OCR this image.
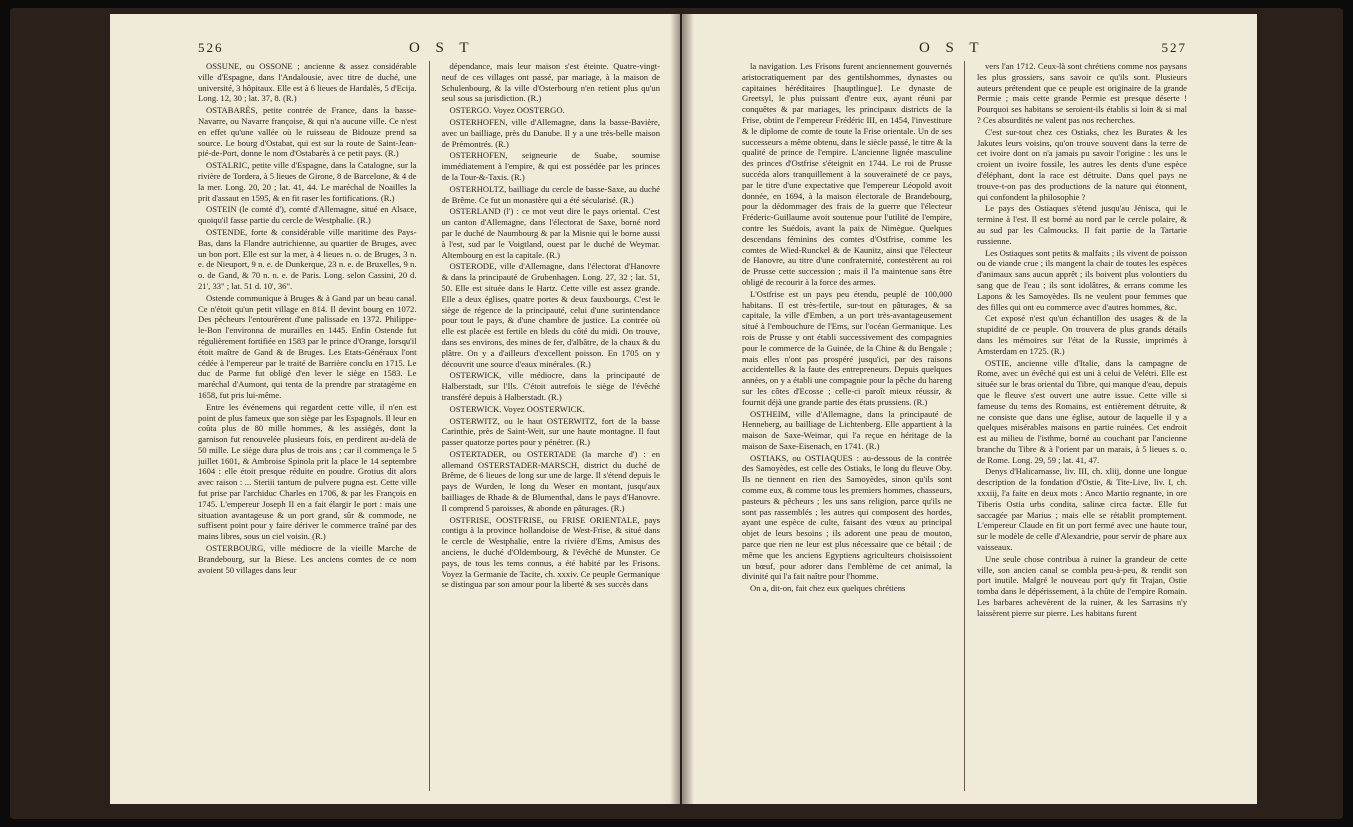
526	O S T

OSSUNE, ou OSSONE ; ancienne & assez considérable ville d'Espagne, dans l'Andalousie, avec titre de duché, une université, 3 hôpitaux. Elle est à 6 lieues de Hardalès, 5 d'Ecija. Long. 12, 30 ; lat. 37, 8. (R.)

OSTABARÈS, petite contrée de France, dans la basse-Navarre, ou Navarre françoise, & qui n'a aucune ville. Ce n'est en effet qu'une vallée où le ruisseau de Bidouze prend sa source. Le bourg d'Ostabat, qui est sur la route de Saint-Jean-pié-de-Port, donne le nom d'Ostabarès à ce petit pays. (R.)

OSTALRIC, petite ville d'Espagne, dans la Catalogne, sur la rivière de Tordera, à 5 lieues de Girone, 8 de Barcelone, & 4 de la mer. Long. 20, 20 ; lat. 41, 44. Le maréchal de Noailles la prit d'assaut en 1595, & en fit raser les fortifications. (R.)

OSTEIN (le comté d'), comté d'Allemagne, situé en Alsace, quoiqu'il fasse partie du cercle de Westphalie. (R.)

OSTENDE, forte & considérable ville maritime des Pays-Bas, dans la Flandre autrichienne, au quartier de Bruges, avec un bon port. Elle est sur la mer, à 4 lieues n. o. de Bruges, 3 n. e. de Nieuport, 9 n. e. de Dunkerque, 23 n. e. de Bruxelles, 9 n. o. de Gand, & 70 n. n. e. de Paris. Long. selon Cassini, 20 d. 21', 33" ; lat. 51 d. 10', 36".

Ostende communique à Bruges & à Gand par un beau canal. Ce n'étoit qu'un petit village en 814. Il devint bourg en 1072. Des pêcheurs l'entourèrent d'une palissade en 1372. Philippe-le-Bon l'environna de murailles en 1445. Enfin Ostende fut régulièrement fortifiée en 1583 par le prince d'Orange, lorsqu'il étoit maître de Gand & de Bruges. Les Etats-Généraux l'ont cédée à l'empereur par le traité de Barrière conclu en 1715. Le duc de Parme fut obligé d'en lever le siège en 1583. Le maréchal d'Aumont, qui tenta de la prendre par stratagème en 1658, fut pris lui-même.

Entre les événemens qui regardent cette ville, il n'en est point de plus fameux que son siège par les Espagnols. Il leur en coûta plus de 80 mille hommes, & les assiégés, dont la garnison fut renouvelée plusieurs fois, en perdirent au-delà de 50 mille. Le siège dura plus de trois ans ; car il commença le 5 juillet 1601, & Ambroise Spinola prit la place le 14 septembre 1604 : elle étoit presque réduite en poudre. Grotius dit alors avec raison : ... Steriii tantum de pulvere pugna est. Cette ville fut prise par l'archiduc Charles en 1706, & par les François en 1745. L'empereur Joseph II en a fait élargir le port : mais une situation avantageuse & un port grand, sûr & commode, ne suffisent point pour y faire dériver le commerce traîné par des mains libres, sous un ciel voisin. (R.)

OSTERBOURG, ville médiocre de la vieille Marche de Brandebourg, sur la Biese. Les anciens comtes de ce nom avoient 50 villages dans leur

dépendance, mais leur maison s'est éteinte. Quatre-vingt-neuf de ces villages ont passé, par mariage, à la maison de Schulenbourg, & la ville d'Osterbourg n'en retient plus qu'un seul sous sa jurisdiction. (R.)

OSTERGO. Voyez OOSTERGO.

OSTERHOFEN, ville d'Allemagne, dans la basse-Bavière, avec un bailliage, près du Danube. Il y a une très-belle maison de Prémontrés. (R.)

OSTERHOFEN, seigneurie de Suabe, soumise immédiatement à l'empire, & qui est possédée par les princes de la Tour-&-Taxis. (R.)

OSTERHOLTZ, bailliage du cercle de basse-Saxe, au duché de Brême. Ce fut un monastère qui a été sécularisé. (R.)

OSTERLAND (l') : ce mot veut dire le pays oriental. C'est un canton d'Allemagne, dans l'électorat de Saxe, borné nord par le duché de Naumbourg & par la Misnie qui le borne aussi à l'est, sud par le Voigtland, ouest par le duché de Weymar. Altembourg en est la capitale. (R.)

OSTERODE, ville d'Allemagne, dans l'électorat d'Hanovre & dans la principauté de Grubenhagen. Long. 27, 32 ; lat. 51, 50. Elle est située dans le Hartz. Cette ville est assez grande. Elle a deux églises, quatre portes & deux fauxbourgs. C'est le siège de régence de la principauté, celui d'une surintendance pour tout le pays, & d'une chambre de justice. La contrée où elle est placée est fertile en bleds du côté du midi. On trouve, dans ses environs, des mines de fer, d'albâtre, de la chaux & du plâtre. On y a d'ailleurs d'excellent poisson. En 1705 on y découvrit une source d'eaux minérales. (R.)

OSTERWICK, ville médiocre, dans la principauté de Halberstadt, sur l'Ils. C'étoit autrefois le siège de l'évêché transféré depuis à Halberstadt. (R.)

OSTERWICK. Voyez OOSTERWICK.

OSTERWITZ, ou le haut OSTERWITZ, fort de la basse Carinthie, près de Saint-Weit, sur une haute montagne. Il faut passer quatorze portes pour y pénétrer. (R.)

OSTERTADER, ou OSTERTADE (la marche d') : en allemand OSTERSTADER-MARSCH, district du duché de Brême, de 6 lieues de long sur une de large. Il s'étend depuis le pays de Wurden, le long du Weser en montant, jusqu'aux bailliages de Rhade & de Blumenthal, dans le pays d'Hanovre. Il comprend 5 paroisses, & abonde en pâturages. (R.)

OSTFRISE, OOSTFRISE, ou FRISE ORIENTALE, pays contigu à la province hollandoise de West-Frise, & situé dans le cercle de Westphalie, entre la rivière d'Ems, Amisus des anciens, le duché d'Oldembourg, & l'évêché de Munster. Ce pays, de tous les tems connus, a été habité par les Frisons. Voyez la Germanie de Tacite, ch. xxxiv. Ce peuple Germanique se distingua par son amour pour la liberté & ses succès dans

O S T	527

la navigation. Les Frisons furent anciennement gouvernés aristocratiquement par des gentilshommes, dynastes ou capitaines héréditaires [hauptlingue]. Le dynaste de Greetsyl, le plus puissant d'entre eux, ayant réuni par conquêtes & par mariages, les principaux districts de la Frise, obtint de l'empereur Frédéric III, en 1454, l'investiture & le diplome de comte de toute la Frise orientale. Un de ses successeurs a même obtenu, dans le siècle passé, le titre & la qualité de prince de l'empire. L'ancienne lignée masculine des princes d'Ostfrise s'éteignit en 1744. Le roi de Prusse succéda alors tranquillement à la souveraineté de ce pays, par le titre d'une expectative que l'empereur Léopold avoit donnée, en 1694, à la maison électorale de Brandebourg, pour la dédommager des frais de la guerre que l'électeur Fréderic-Guillaume avoit soutenue pour l'utilité de l'empire, contre les Suédois, avant la paix de Nimègue. Quelques descendans féminins des comtes d'Ostfrise, comme les comtes de Wied-Runckel & de Kaunitz, ainsi que l'électeur de Hanovre, au titre d'une confraternité, contestèrent au roi de Prusse cette succession ; mais il l'a maintenue sans être obligé de recourir à la force des armes.

L'Ostfrise est un pays peu étendu, peuplé de 100,000 habitans. Il est très-fertile, sur-tout en pâturages, & sa capitale, la ville d'Emben, a un port très-avantageusement situé à l'embouchure de l'Ems, sur l'océan Germanique. Les rois de Prusse y ont établi successivement des compagnies pour le commerce de la Guinée, de la Chine & du Bengale ; mais elles n'ont pas prospéré jusqu'ici, par des raisons accidentelles & la faute des entrepreneurs. Depuis quelques années, on y a établi une compagnie pour la pêche du hareng sur les côtes d'Ecosse ; celle-ci paroît mieux réussir, & fournit déjà une grande partie des états prussiens. (R.)

OSTHEIM, ville d'Allemagne, dans la principauté de Henneberg, au bailliage de Lichtenberg. Elle appartient à la maison de Saxe-Weimar, qui l'a reçue en héritage de la maison de Saxe-Eisenach, en 1741. (R.)

OSTIAKS, ou OSTIAQUES : au-dessous de la contrée des Samoyèdes, est celle des Ostiaks, le long du fleuve Oby. Ils ne tiennent en rien des Samoyèdes, sinon qu'ils sont comme eux, & comme tous les premiers hommes, chasseurs, pasteurs & pêcheurs ; les uns sans religion, parce qu'ils ne sont pas rassemblés ; les autres qui composent des hordes, ayant une espèce de culte, faisant des vœux au principal objet de leurs besoins ; ils adorent une peau de mouton, parce que rien ne leur est plus nécessaire que ce bétail ; de même que les anciens Egyptiens agriculteurs choisissoient un bœuf, pour adorer dans l'emblème de cet animal, la divinité qui l'a fait naître pour l'homme.

On a, dit-on, fait chez eux quelques chrétiens

vers l'an 1712. Ceux-là sont chrétiens comme nos paysans les plus grossiers, sans savoir ce qu'ils sont. Plusieurs auteurs prétendent que ce peuple est originaire de la grande Permie ; mais cette grande Permie est presque déserte ! Pourquoi ses habitans se seroient-ils établis si loin & si mal ? Ces absurdités ne valent pas nos recherches.

C'est sur-tout chez ces Ostiaks, chez les Burates & les Jakutes leurs voisins, qu'on trouve souvent dans la terre de cet ivoire dont on n'a jamais pu savoir l'origine : les uns le croient un ivoire fossile, les autres les dents d'une espèce d'éléphant, dont la race est détruite. Dans quel pays ne trouve-t-on pas des productions de la nature qui étonnent, qui confondent la philosophie ?

Le pays des Ostiaques s'étend jusqu'au Jénisca, qui le termine à l'est. Il est borné au nord par le cercle polaire, & au sud par les Calmoucks. Il fait partie de la Tartarie russienne.

Les Ostiaques sont petits & malfaits ; ils vivent de poisson ou de viande crue ; ils mangent la chair de toutes les espèces d'animaux sans aucun apprêt ; ils boivent plus volontiers du sang que de l'eau ; ils sont idolâtres, & errans comme les Lapons & les Samoyèdes. Ils ne veulent pour femmes que des filles qui ont eu commerce avec d'autres hommes, &c.

Cet exposé n'est qu'un échantillon des usages & de la stupidité de ce peuple. On trouvera de plus grands détails dans les mémoires sur l'état de la Russie, imprimés à Amsterdam en 1725. (R.)

OSTIE, ancienne ville d'Italie, dans la campagne de Rome, avec un évêché qui est uni à celui de Velétri. Elle est située sur le bras oriental du Tibre, qui manque d'eau, depuis que le fleuve s'est ouvert une autre issue. Cette ville si fameuse du tems des Romains, est entièrement détruite, & ne consiste que dans une église, autour de laquelle il y a quelques misérables maisons en partie ruinées. Cet endroit est au milieu de l'isthme, borné au couchant par l'ancienne branche du Tibre & à l'orient par un marais, à 5 lieues s. o. de Rome. Long. 29, 59 ; lat. 41, 47.

Denys d'Halicarnasse, liv. III, ch. xliij, donne une longue description de la fondation d'Ostie, & Tite-Live, liv. I, ch. xxxiij, l'a faite en deux mots : Anco Martio regnante, in ore Tiberis Ostia urbs condita, salinæ circa factæ. Elle fut saccagée par Marius ; mais elle se rétablit promptement. L'empereur Claude en fit un port fermé avec une haute tour, sur le modèle de celle d'Alexandrie, pour servir de phare aux vaisseaux.

Une seule chose contribua à ruiner la grandeur de cette ville, son ancien canal se combla peu-à-peu, & rendit son port inutile. Malgré le nouveau port qu'y fit Trajan, Ostie tomba dans le dépérissement, à la chûte de l'empire Romain. Les barbares achevèrent de la ruiner, & les Sarrasins n'y laissèrent pierre sur pierre. Les habitans furent
